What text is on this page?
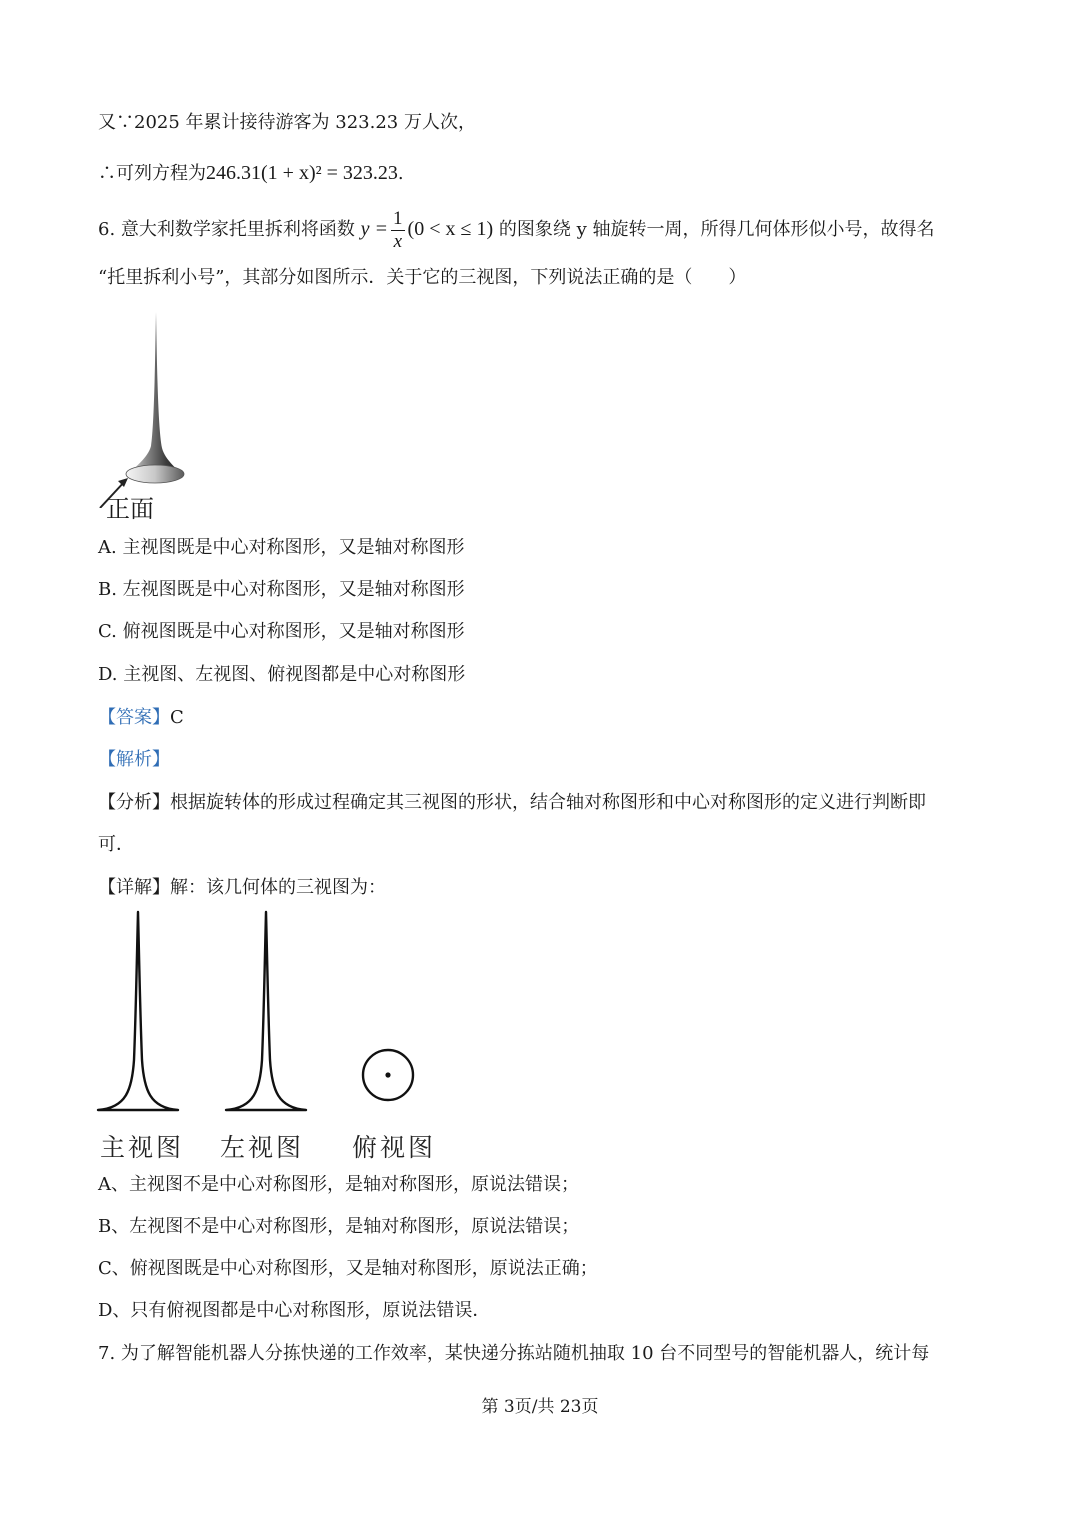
又∵2025 年累计接待游客为 323.23 万人次，
∴可列方程为246.31(1 + x)² = 323.23.
6. 意大利数学家托里拆利将函数 $y = \frac{1}{x} (0 < x \le 1)$ 的图象绕 y 轴旋转一周，所得几何体形似小号，故得名
“托里拆利小号”，其部分如图所示．关于它的三视图，下列说法正确的是（　　）
正面
A. 主视图既是中心对称图形，又是轴对称图形
B. 左视图既是中心对称图形，又是轴对称图形
C. 俯视图既是中心对称图形，又是轴对称图形
D. 主视图、左视图、俯视图都是中心对称图形
【答案】C
【解析】
【分析】根据旋转体的形成过程确定其三视图的形状，结合轴对称图形和中心对称图形的定义进行判断即
可．
【详解】解：该几何体的三视图为：
主视图 左视图 俯视图
A、主视图不是中心对称图形，是轴对称图形，原说法错误；
B、左视图不是中心对称图形，是轴对称图形，原说法错误；
C、俯视图既是中心对称图形，又是轴对称图形，原说法正确；
D、只有俯视图都是中心对称图形，原说法错误．
7. 为了解智能机器人分拣快递的工作效率，某快递分拣站随机抽取 10 台不同型号的智能机器人，统计每
第 3页/共 23页
